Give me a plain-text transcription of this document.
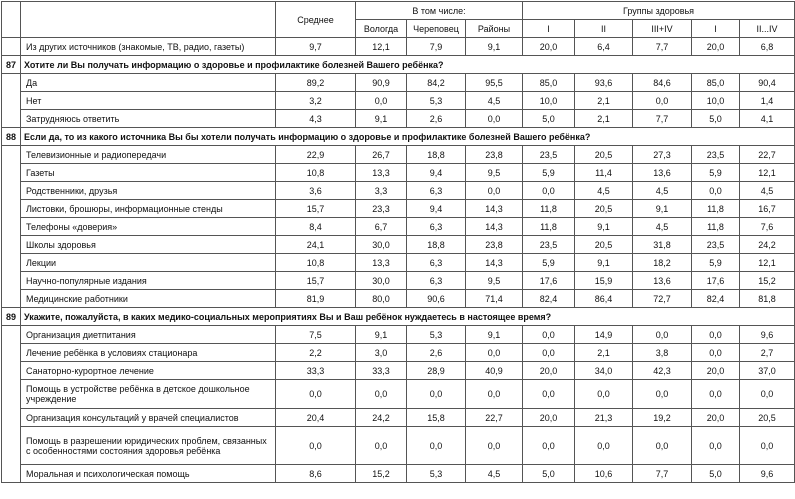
		Среднее	В том числе:			Группы здоровья				
			Вологда	Череповец	Районы	I	II	III+IV	I	II...IV
	Из других источников (знакомые, ТВ, радио, газеты)	9,7	12,1	7,9	9,1	20,0	6,4	7,7	20,0	6,8
87	Хотите ли Вы получать информацию о здоровье и профилактике болезней Вашего ребёнка?									
	Да	89,2	90,9	84,2	95,5	85,0	93,6	84,6	85,0	90,4
	Нет	3,2	0,0	5,3	4,5	10,0	2,1	0,0	10,0	1,4
	Затрудняюсь ответить	4,3	9,1	2,6	0,0	5,0	2,1	7,7	5,0	4,1
88	Если да, то из какого источника Вы бы хотели получать информацию о здоровье и профилактике болезней Вашего ребёнка?									
	Телевизионные и радиопередачи	22,9	26,7	18,8	23,8	23,5	20,5	27,3	23,5	22,7
	Газеты	10,8	13,3	9,4	9,5	5,9	11,4	13,6	5,9	12,1
	Родственники, друзья	3,6	3,3	6,3	0,0	0,0	4,5	4,5	0,0	4,5
	Листовки, брошюры, информационные стенды	15,7	23,3	9,4	14,3	11,8	20,5	9,1	11,8	16,7
	Телефоны «доверия»	8,4	6,7	6,3	14,3	11,8	9,1	4,5	11,8	7,6
	Школы здоровья	24,1	30,0	18,8	23,8	23,5	20,5	31,8	23,5	24,2
	Лекции	10,8	13,3	6,3	14,3	5,9	9,1	18,2	5,9	12,1
	Научно-популярные издания	15,7	30,0	6,3	9,5	17,6	15,9	13,6	17,6	15,2
	Медицинские работники	81,9	80,0	90,6	71,4	82,4	86,4	72,7	82,4	81,8
89	Укажите, пожалуйста, в каких медико-социальных мероприятиях Вы и Ваш ребёнок нуждаетесь в настоящее время?									
	Организация диетпитания	7,5	9,1	5,3	9,1	0,0	14,9	0,0	0,0	9,6
	Лечение ребёнка в условиях стационара	2,2	3,0	2,6	0,0	0,0	2,1	3,8	0,0	2,7
	Санаторно-курортное лечение	33,3	33,3	28,9	40,9	20,0	34,0	42,3	20,0	37,0
	Помощь в устройстве ребёнка в детское дошкольное учреждение	0,0	0,0	0,0	0,0	0,0	0,0	0,0	0,0	0,0
	Организация консультаций у врачей специалистов	20,4	24,2	15,8	22,7	20,0	21,3	19,2	20,0	20,5
	Помощь в разрешении юридических проблем, связанных с особенностями состояния здоровья ребёнка	0,0	0,0	0,0	0,0	0,0	0,0	0,0	0,0	0,0
	Моральная и психологическая помощь	8,6	15,2	5,3	4,5	5,0	10,6	7,7	5,0	9,6
